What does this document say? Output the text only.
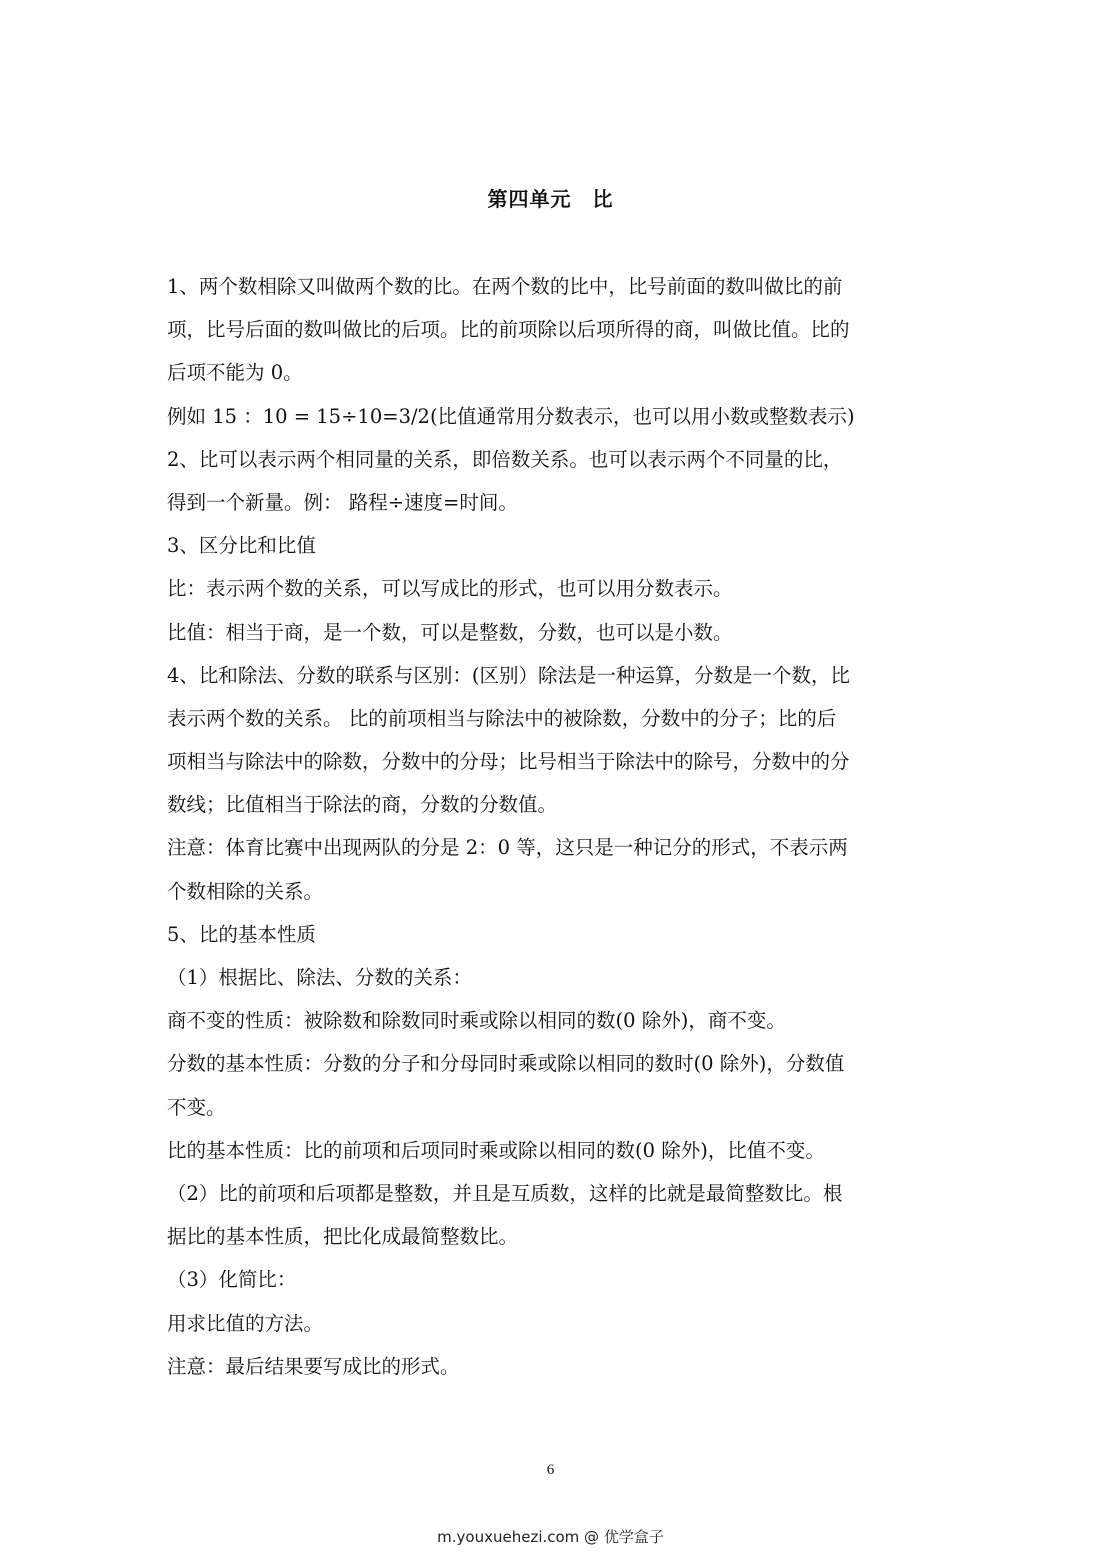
第四单元　比
1、两个数相除又叫做两个数的比。在两个数的比中，比号前面的数叫做比的前
项，比号后面的数叫做比的后项。比的前项除以后项所得的商，叫做比值。比的
后项不能为 0。
例如 15 ：10 = 15÷10=3/2(比值通常用分数表示，也可以用小数或整数表示)
2、比可以表示两个相同量的关系，即倍数关系。也可以表示两个不同量的比，
得到一个新量。例： 路程÷速度=时间。
3、区分比和比值
比：表示两个数的关系，可以写成比的形式，也可以用分数表示。
比值：相当于商，是一个数，可以是整数，分数，也可以是小数。
4、比和除法、分数的联系与区别：(区别）除法是一种运算，分数是一个数，比
表示两个数的关系。 比的前项相当与除法中的被除数，分数中的分子；比的后
项相当与除法中的除数，分数中的分母；比号相当于除法中的除号，分数中的分
数线；比值相当于除法的商，分数的分数值。
注意：体育比赛中出现两队的分是 2：0 等，这只是一种记分的形式，不表示两
个数相除的关系。
5、比的基本性质
（1）根据比、除法、分数的关系：
商不变的性质：被除数和除数同时乘或除以相同的数(0 除外)，商不变。
分数的基本性质：分数的分子和分母同时乘或除以相同的数时(0 除外)，分数值
不变。
比的基本性质：比的前项和后项同时乘或除以相同的数(0 除外)，比值不变。
（2）比的前项和后项都是整数，并且是互质数，这样的比就是最简整数比。根
据比的基本性质，把比化成最简整数比。
（3）化简比：
用求比值的方法。
注意：最后结果要写成比的形式。
6
m.youxuehezi.com @ 优学盒子
